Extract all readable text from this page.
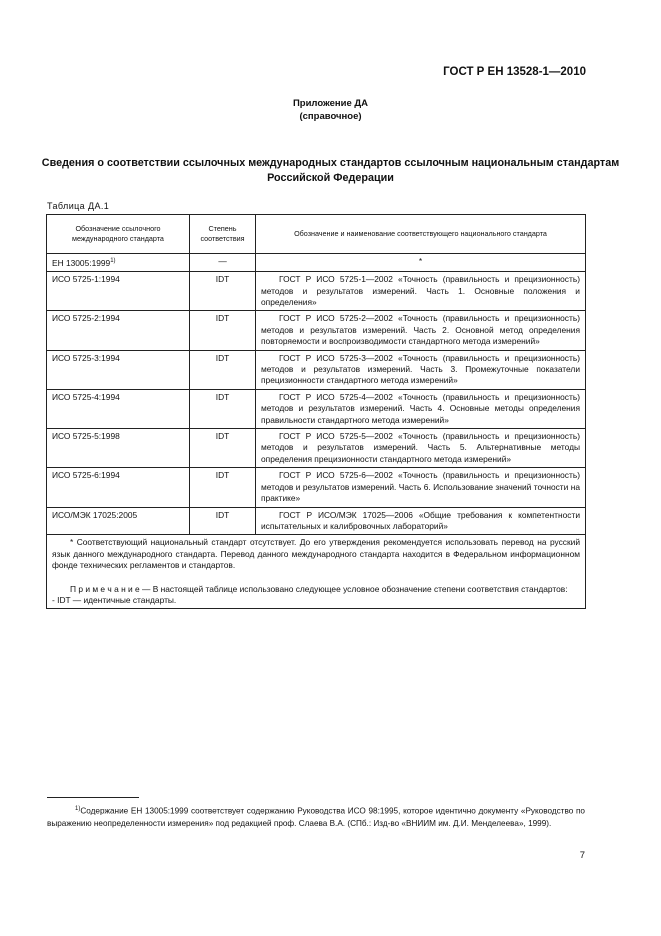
ГОСТ Р ЕН 13528-1—2010
Приложение ДА
(справочное)
Сведения о соответствии ссылочных международных стандартов ссылочным национальным стандартам Российской Федерации
Таблица ДА.1
Обозначение ссылочного международного стандарта	Степень соответствия	Обозначение и наименование соответствующего национального стандарта
ЕН 13005:1999$^{1)}$	—	*
ИСО 5725-1:1994	IDT	ГОСТ Р ИСО 5725-1—2002 «Точность (правильность и прецизионность) методов и результатов измерений. Часть 1. Основные положения и определения»
ИСО 5725-2:1994	IDT	ГОСТ Р ИСО 5725-2—2002 «Точность (правильность и прецизионность) методов и результатов измерений. Часть 2. Основной метод определения повторяемости и воспроизводимости стандартного метода измерений»
ИСО 5725-3:1994	IDT	ГОСТ Р ИСО 5725-3—2002 «Точность (правильность и прецизионность) методов и результатов измерений. Часть 3. Промежуточные показатели прецизионности стандартного метода измерений»
ИСО 5725-4:1994	IDT	ГОСТ Р ИСО 5725-4—2002 «Точность (правильность и прецизионность) методов и результатов измерений. Часть 4. Основные методы определения правильности стандартного метода измерений»
ИСО 5725-5:1998	IDT	ГОСТ Р ИСО 5725-5—2002 «Точность (правильность и прецизионность) методов и результатов измерений. Часть 5. Альтернативные методы определения прецизионности стандартного метода измерений»
ИСО 5725-6:1994	IDT	ГОСТ Р ИСО 5725-6—2002 «Точность (правильность и прецизионность) методов и результатов измерений. Часть 6. Использование значений точности на практике»
ИСО/МЭК 17025:2005	IDT	ГОСТ Р ИСО/МЭК 17025—2006 «Общие требования к компетентности испытательных и калибровочных лабораторий»

* Соответствующий национальный стандарт отсутствует. До его утверждения рекомендуется использовать перевод на русский язык данного международного стандарта. Перевод данного международного стандарта находится в Федеральном информационном фонде технических регламентов и стандартов.

П р и м е ч а н и е — В настоящей таблице использовано следующее условное обозначение степени соответствия стандартов:

- IDT — идентичные стандарты.		

$^{1)}$Содержание ЕН 13005:1999 соответствует содержанию Руководства ИСО 98:1995, которое идентично документу «Руководство по выражению неопределенности измерения» под редакцией проф. Слаева В.А. (СПб.: Изд-во «ВНИИМ им. Д.И. Менделеева», 1999).
7
